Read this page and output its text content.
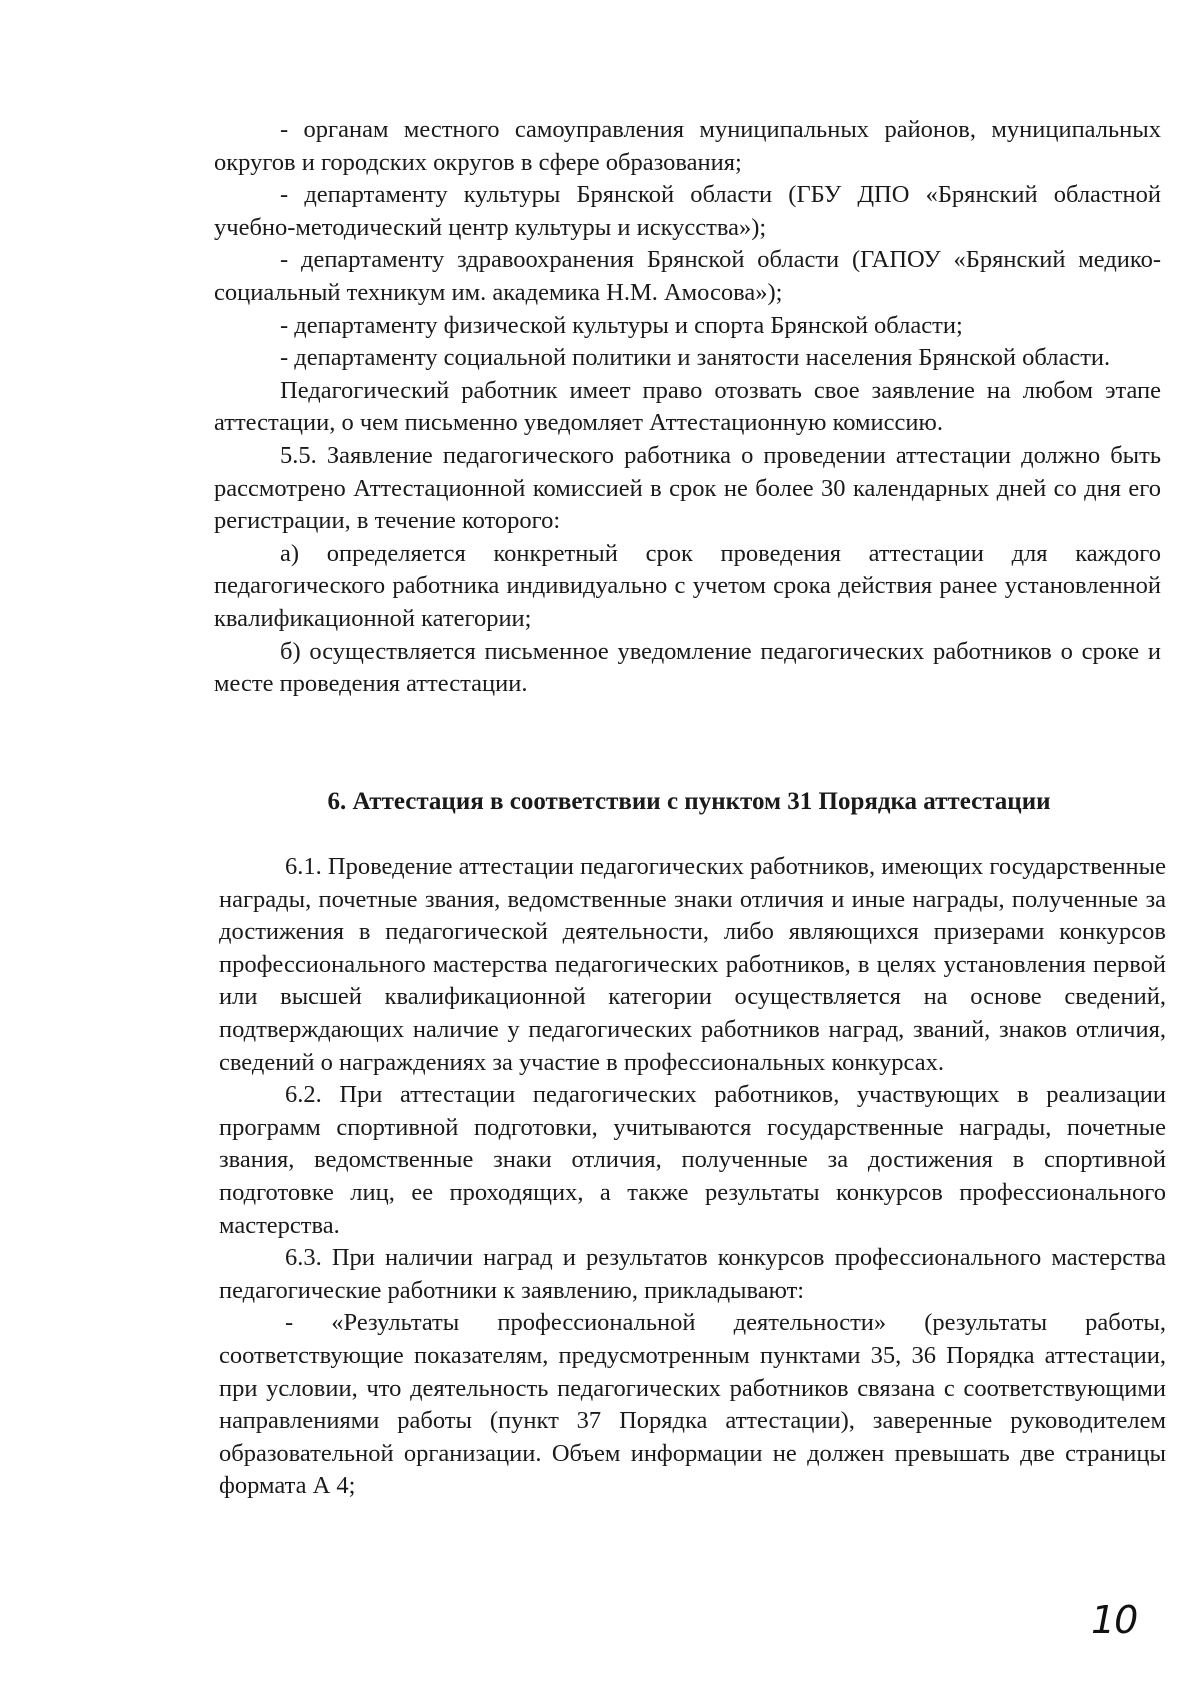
- органам местного самоуправления муниципальных районов, муниципальных округов и городских округов в сфере образования;

- департаменту культуры Брянской области (ГБУ ДПО «Брянский областной учебно-методический центр культуры и искусства»);

- департаменту здравоохранения Брянской области (ГАПОУ «Брянский медико-социальный техникум им. академика Н.М. Амосова»);

- департаменту физической культуры и спорта Брянской области;

- департаменту социальной политики и занятости населения Брянской области.

Педагогический работник имеет право отозвать свое заявление на любом этапе аттестации, о чем письменно уведомляет Аттестационную комиссию.

5.5. Заявление педагогического работника о проведении аттестации должно быть рассмотрено Аттестационной комиссией в срок не более 30 календарных дней со дня его регистрации, в течение которого:

а) определяется конкретный срок проведения аттестации для каждого педагогического работника индивидуально с учетом срока действия ранее установленной квалификационной категории;

б) осуществляется письменное уведомление педагогических работников о сроке и месте проведения аттестации.

6. Аттестация в соответствии с пунктом 31 Порядка аттестации

6.1. Проведение аттестации педагогических работников, имеющих государственные награды, почетные звания, ведомственные знаки отличия и иные награды, полученные за достижения в педагогической деятельности, либо являющихся призерами конкурсов профессионального мастерства педагогических работников, в целях установления первой или высшей квалификационной категории осуществляется на основе сведений, подтверждающих наличие у педагогических работников наград, званий, знаков отличия, сведений о награждениях за участие в профессиональных конкурсах.

6.2. При аттестации педагогических работников, участвующих в реализации программ спортивной подготовки, учитываются государственные награды, почетные звания, ведомственные знаки отличия, полученные за достижения в спортивной подготовке лиц, ее проходящих, а также результаты конкурсов профессионального мастерства.

6.3. При наличии наград и результатов конкурсов профессионального мастерства педагогические работники к заявлению, прикладывают:

- «Результаты профессиональной деятельности» (результаты работы, соответствующие показателям, предусмотренным пунктами 35, 36 Порядка аттестации, при условии, что деятельность педагогических работников связана с соответствующими направлениями работы (пункт 37 Порядка аттестации), заверенные руководителем образовательной организации. Объем информации не должен превышать две страницы формата А 4;

10
